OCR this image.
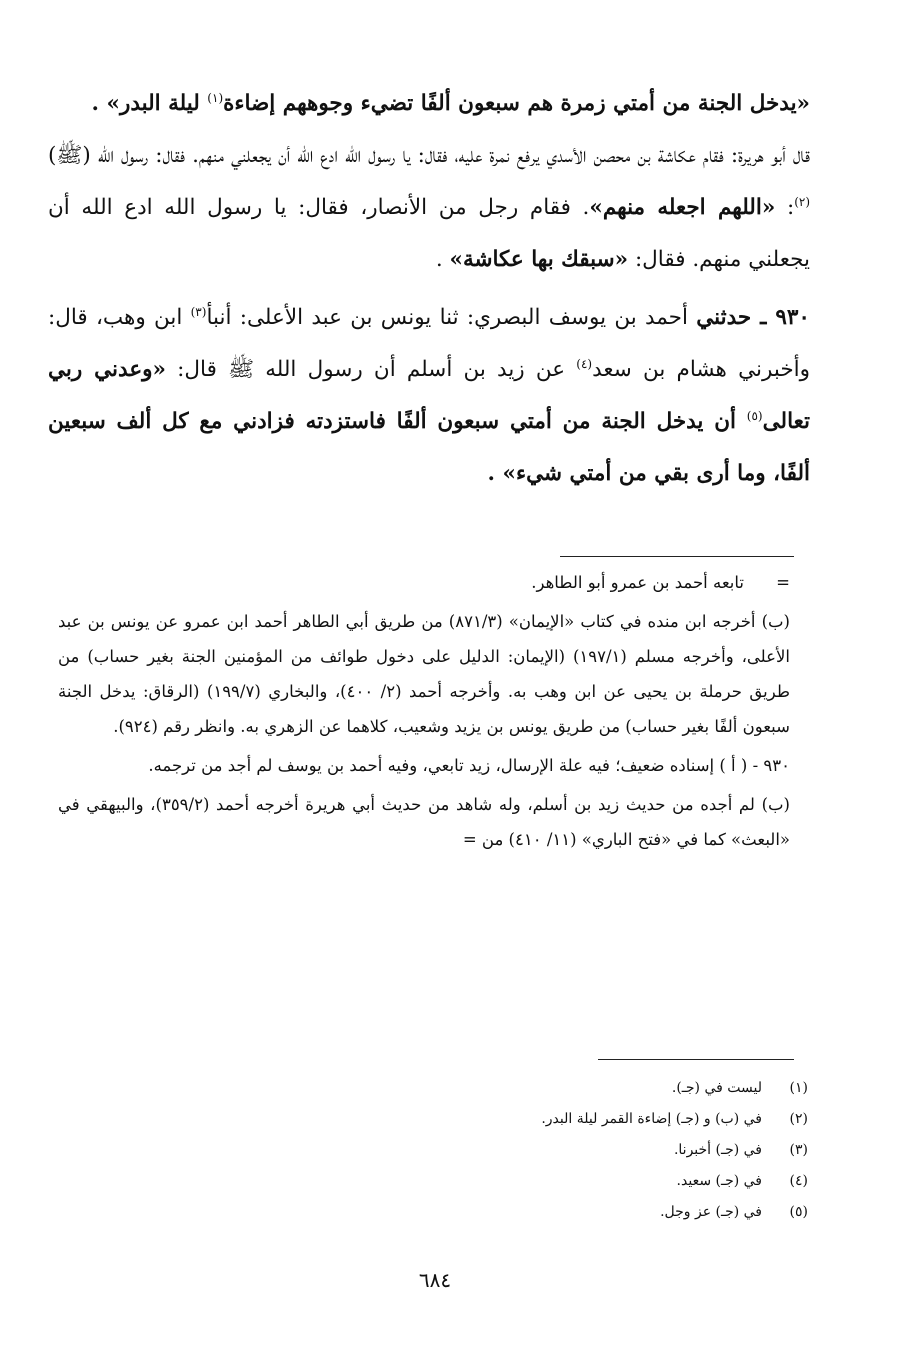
«يدخل الجنة من أمتي زمرة هم سبعون ألفًا تضيء وجوههم إضاءة$^{(١)}$ ليلة البدر» .

قال أبو هريرة: فقام عكاشة بن محصن الأسدي يرفع نمرة عليه، فقال: يا رسول الله ادع الله أن يجعلني منهم. فقال: رسول الله (ﷺ)$^{(٢)}$: «اللهم اجعله منهم». فقام رجل من الأنصار، فقال: يا رسول الله ادع الله أن يجعلني منهم. فقال: «سبقك بها عكاشة» .

٩٣٠ ـ حدثني أحمد بن يوسف البصري: ثنا يونس بن عبد الأعلى: أنبأ$^{(٣)}$ ابن وهب، قال: وأخبرني هشام بن سعد$^{(٤)}$ عن زيد بن أسلم أن رسول الله ﷺ قال: «وعدني ربي تعالى$^{(٥)}$ أن يدخل الجنة من أمتي سبعون ألفًا فاستزدته فزادني مع كل ألف سبعين ألفًا، وما أرى بقي من أمتي شيء» .

=تابعه أحمد بن عمرو أبو الطاهر.

(ب) أخرجه ابن منده في كتاب «الإيمان» (٨٧١/٣) من طريق أبي الطاهر أحمد ابن عمرو عن يونس بن عبد الأعلى، وأخرجه مسلم (١٩٧/١) (الإيمان: الدليل على دخول طوائف من المؤمنين الجنة بغير حساب) من طريق حرملة بن يحيى عن ابن وهب به. وأخرجه أحمد (٢/ ٤٠٠)، والبخاري (١٩٩/٧) (الرقاق: يدخل الجنة سبعون ألفًا بغير حساب) من طريق يونس بن يزيد وشعيب، كلاهما عن الزهري به. وانظر رقم (٩٢٤).

٩٣٠ - ( أ ) إسناده ضعيف؛ فيه علة الإرسال، زيد تابعي، وفيه أحمد بن يوسف لم أجد من ترجمه.

(ب) لم أجده من حديث زيد بن أسلم، وله شاهد من حديث أبي هريرة أخرجه أحمد (٣٥٩/٢)، والبيهقي في «البعث» كما في «فتح الباري» (١١/ ٤١٠) من =

(١)
ليست في (جـ).
(٢)
في (ب) و (جـ) إضاءة القمر ليلة البدر.
(٣)
في (جـ) أخبرنا.
(٤)
في (جـ) سعيد.
(٥)
في (جـ) عز وجل.
٦٨٤
